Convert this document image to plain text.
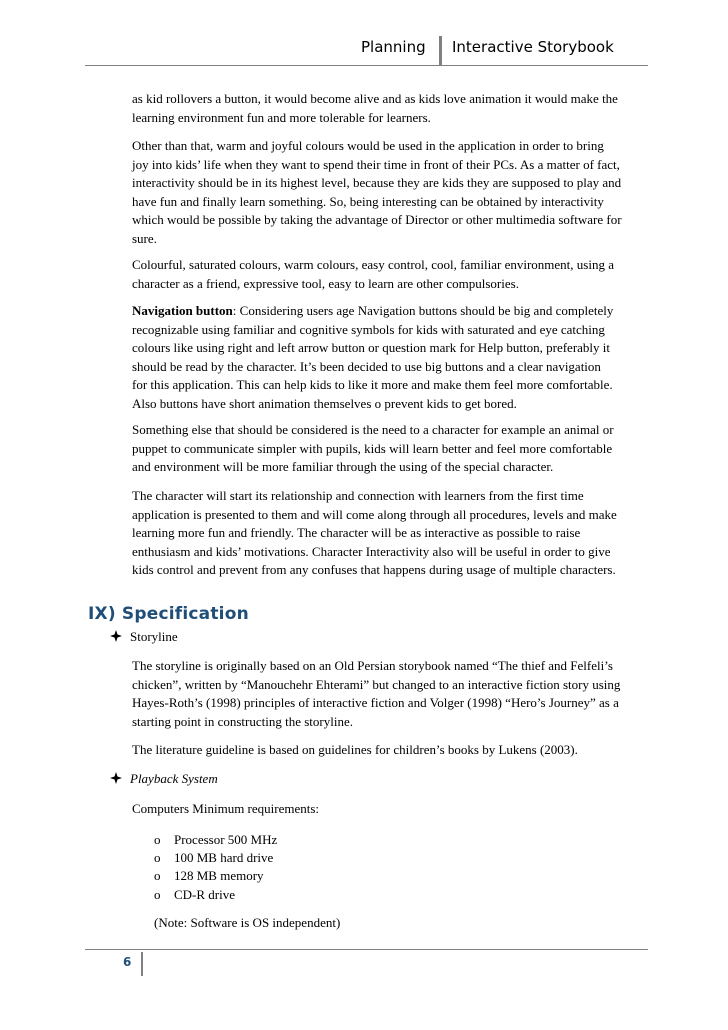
Planning Interactive Storybook
as kid rollovers a button, it would become alive and as kids love animation it would make the
learning environment fun and more tolerable for learners.
Other than that, warm and joyful colours would be used in the application in order to bring
joy into kids’ life when they want to spend their time in front of their PCs. As a matter of fact,
interactivity should be in its highest level, because they are kids they are supposed to play and
have fun and finally learn something. So, being interesting can be obtained by interactivity
which would be possible by taking the advantage of Director or other multimedia software for
sure.
Colourful, saturated colours, warm colours, easy control, cool, familiar environment, using a
character as a friend, expressive tool, easy to learn are other compulsories.
Navigation button: Considering users age Navigation buttons should be big and completely
recognizable using familiar and cognitive symbols for kids with saturated and eye catching
colours like using right and left arrow button or question mark for Help button, preferably it
should be read by the character. It’s been decided to use big buttons and a clear navigation
for this application. This can help kids to like it more and make them feel more comfortable.
Also buttons have short animation themselves o prevent kids to get bored.
Something else that should be considered is the need to a character for example an animal or
puppet to communicate simpler with pupils, kids will learn better and feel more comfortable
and environment will be more familiar through the using of the special character.
The character will start its relationship and connection with learners from the first time
application is presented to them and will come along through all procedures, levels and make
learning more fun and friendly. The character will be as interactive as possible to raise
enthusiasm and kids’ motivations. Character Interactivity also will be useful in order to give
kids control and prevent from any confuses that happens during usage of multiple characters.
IX) Specification
Storyline
The storyline is originally based on an Old Persian storybook named “The thief and Felfeli’s
chicken”, written by “Manouchehr Ehterami” but changed to an interactive fiction story using
Hayes-Roth’s (1998) principles of interactive fiction and Volger (1998) “Hero’s Journey” as a
starting point in constructing the storyline.
The literature guideline is based on guidelines for children’s books by Lukens (2003).
Playback System
Computers Minimum requirements:
o Processor 500 MHz
o 100 MB hard drive
o 128 MB memory
o CD-R drive
(Note: Software is OS independent)
6
